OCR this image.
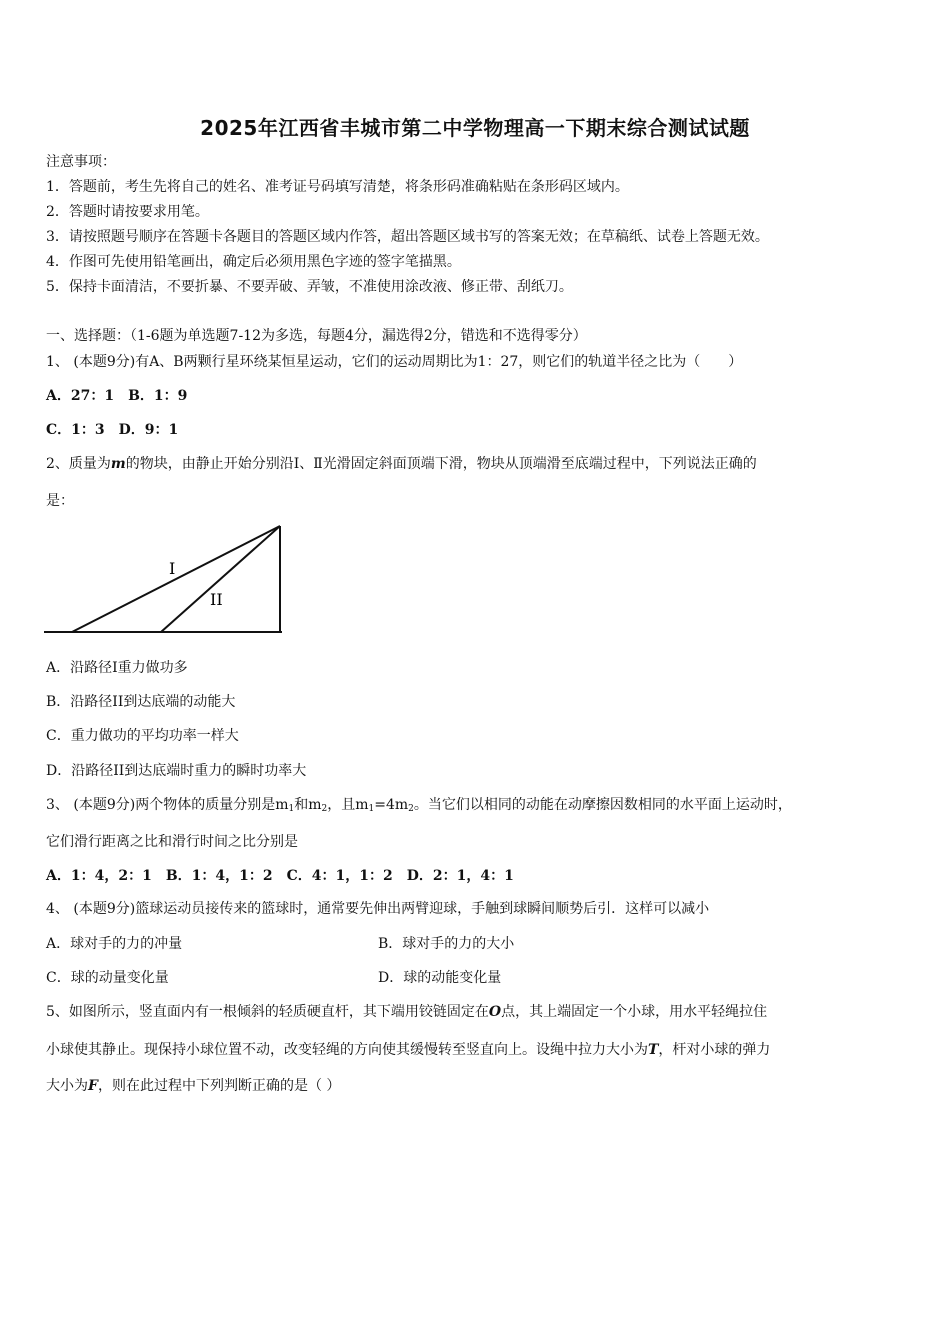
2025年江西省丰城市第二中学物理高一下期末综合测试试题
注意事项：
1．答题前，考生先将自己的姓名、准考证号码填写清楚，将条形码准确粘贴在条形码区域内。
2．答题时请按要求用笔。
3．请按照题号顺序在答题卡各题目的答题区域内作答，超出答题区域书写的答案无效；在草稿纸、试卷上答题无效。
4．作图可先使用铅笔画出，确定后必须用黑色字迹的签字笔描黑。
5．保持卡面清洁，不要折暴、不要弄破、弄皱，不准使用涂改液、修正带、刮纸刀。
一、选择题：（1-6题为单选题7-12为多选，每题4分，漏选得2分，错选和不选得零分）
1、 (本题9分)有A、B两颗行星环绕某恒星运动，它们的运动周期比为1：27，则它们的轨道半径之比为（　　）
A．27：1　B．1：9
C．1：3　D．9：1
2、质量为m的物块，由静止开始分别沿Ⅰ、Ⅱ光滑固定斜面顶端下滑，物块从顶端滑至底端过程中，下列说法正确的
是：
I
II
A．沿路径Ⅰ重力做功多
B．沿路径II到达底端的动能大
C．重力做功的平均功率一样大
D．沿路径II到达底端时重力的瞬时功率大
3、 (本题9分)两个物体的质量分别是$m_1$和$m_2$，且$m_1=4m_2$。当它们以相同的动能在动摩擦因数相同的水平面上运动时，
它们滑行距离之比和滑行时间之比分别是
A．1：4，2：1　B．1：4，1：2　C．4：1，1：2　D．2：1，4：1
4、 (本题9分)篮球运动员接传来的篮球时，通常要先伸出两臂迎球，手触到球瞬间顺势后引．这样可以减小
A．球对手的力的冲量	B．球对手的力的大小
C．球的动量变化量	D．球的动能变化量
5、如图所示，竖直面内有一根倾斜的轻质硬直杆，其下端用铰链固定在O点，其上端固定一个小球，用水平轻绳拉住
小球使其静止。现保持小球位置不动，改变轻绳的方向使其缓慢转至竖直向上。设绳中拉力大小为T，杆对小球的弹力
大小为F，则在此过程中下列判断正确的是（ ）
